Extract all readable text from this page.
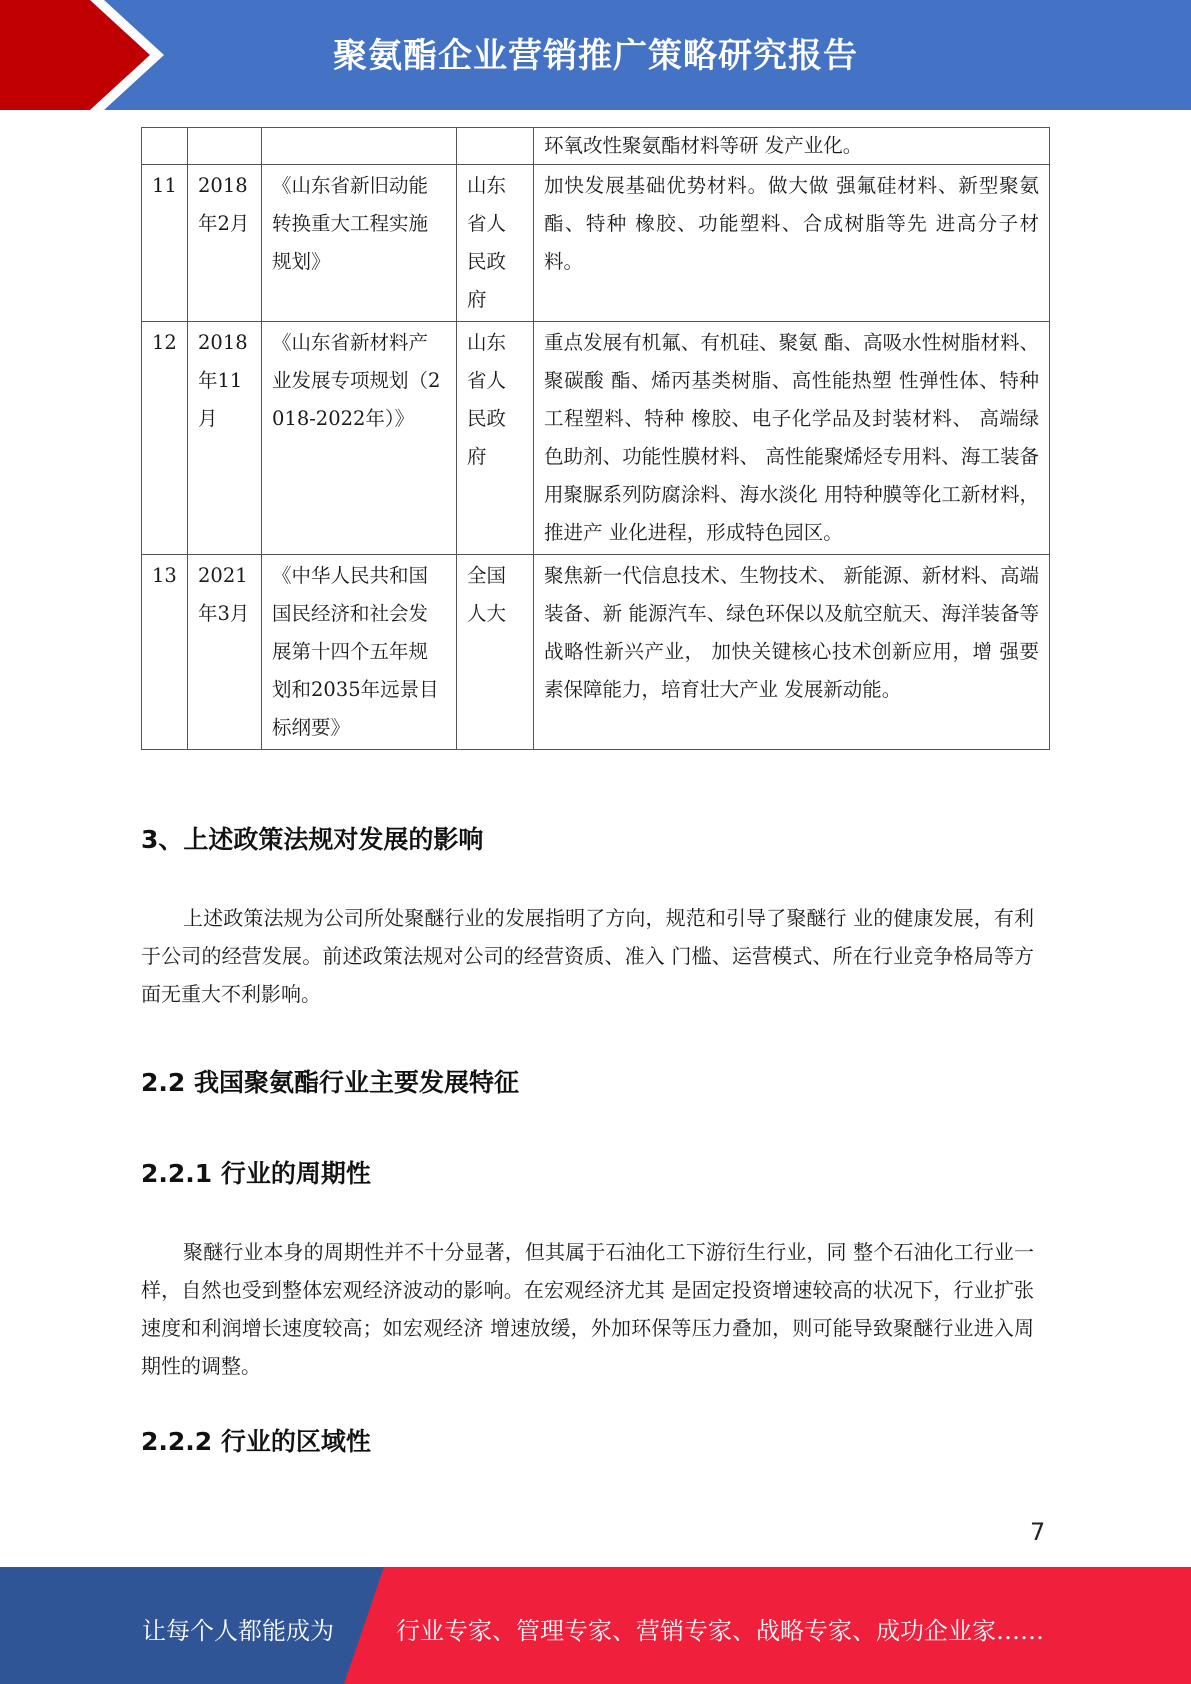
聚氨酯企业营销推广策略研究报告
				环氧改性聚氨酯材料等研 发产业化。
11	2018年2月	《山东省新旧动能转换重大工程实施规划》	山东省人民政府	加快发展基础优势材料。做大做 强氟硅材料、新型聚氨酯、特种 橡胶、功能塑料、合成树脂等先 进高分子材料。
12	2018年11月	《山东省新材料产业发展专项规划（2018-2022年）》	山东省人民政府	重点发展有机氟、有机硅、聚氨 酯、高吸水性树脂材料、聚碳酸 酯、烯丙基类树脂、高性能热塑 性弹性体、特种工程塑料、特种 橡胶、电子化学品及封装材料、 高端绿色助剂、功能性膜材料、 高性能聚烯烃专用料、海工装备 用聚脲系列防腐涂料、海水淡化 用特种膜等化工新材料，推进产 业化进程，形成特色园区。
13	2021年3月	《中华人民共和国国民经济和社会发展第十四个五年规划和2035年远景目标纲要》	全国人大	聚焦新一代信息技术、生物技术、 新能源、新材料、高端装备、新 能源汽车、绿色环保以及航空航天、海洋装备等战略性新兴产业， 加快关键核心技术创新应用，增 强要素保障能力，培育壮大产业 发展新动能。
3、上述政策法规对发展的影响

上述政策法规为公司所处聚醚行业的发展指明了方向，规范和引导了聚醚行 业的健康发展，有利于公司的经营发展。前述政策法规对公司的经营资质、准入 门槛、运营模式、所在行业竞争格局等方面无重大不利影响。

2.2 我国聚氨酯行业主要发展特征
2.2.1 行业的周期性

聚醚行业本身的周期性并不十分显著，但其属于石油化工下游衍生行业，同 整个石油化工行业一样，自然也受到整体宏观经济波动的影响。在宏观经济尤其 是固定投资增速较高的状况下，行业扩张速度和利润增长速度较高；如宏观经济 增速放缓，外加环保等压力叠加，则可能导致聚醚行业进入周期性的调整。

2.2.2 行业的区域性
7
让每个人都能成为	行业专家、管理专家、营销专家、战略专家、成功企业家……
